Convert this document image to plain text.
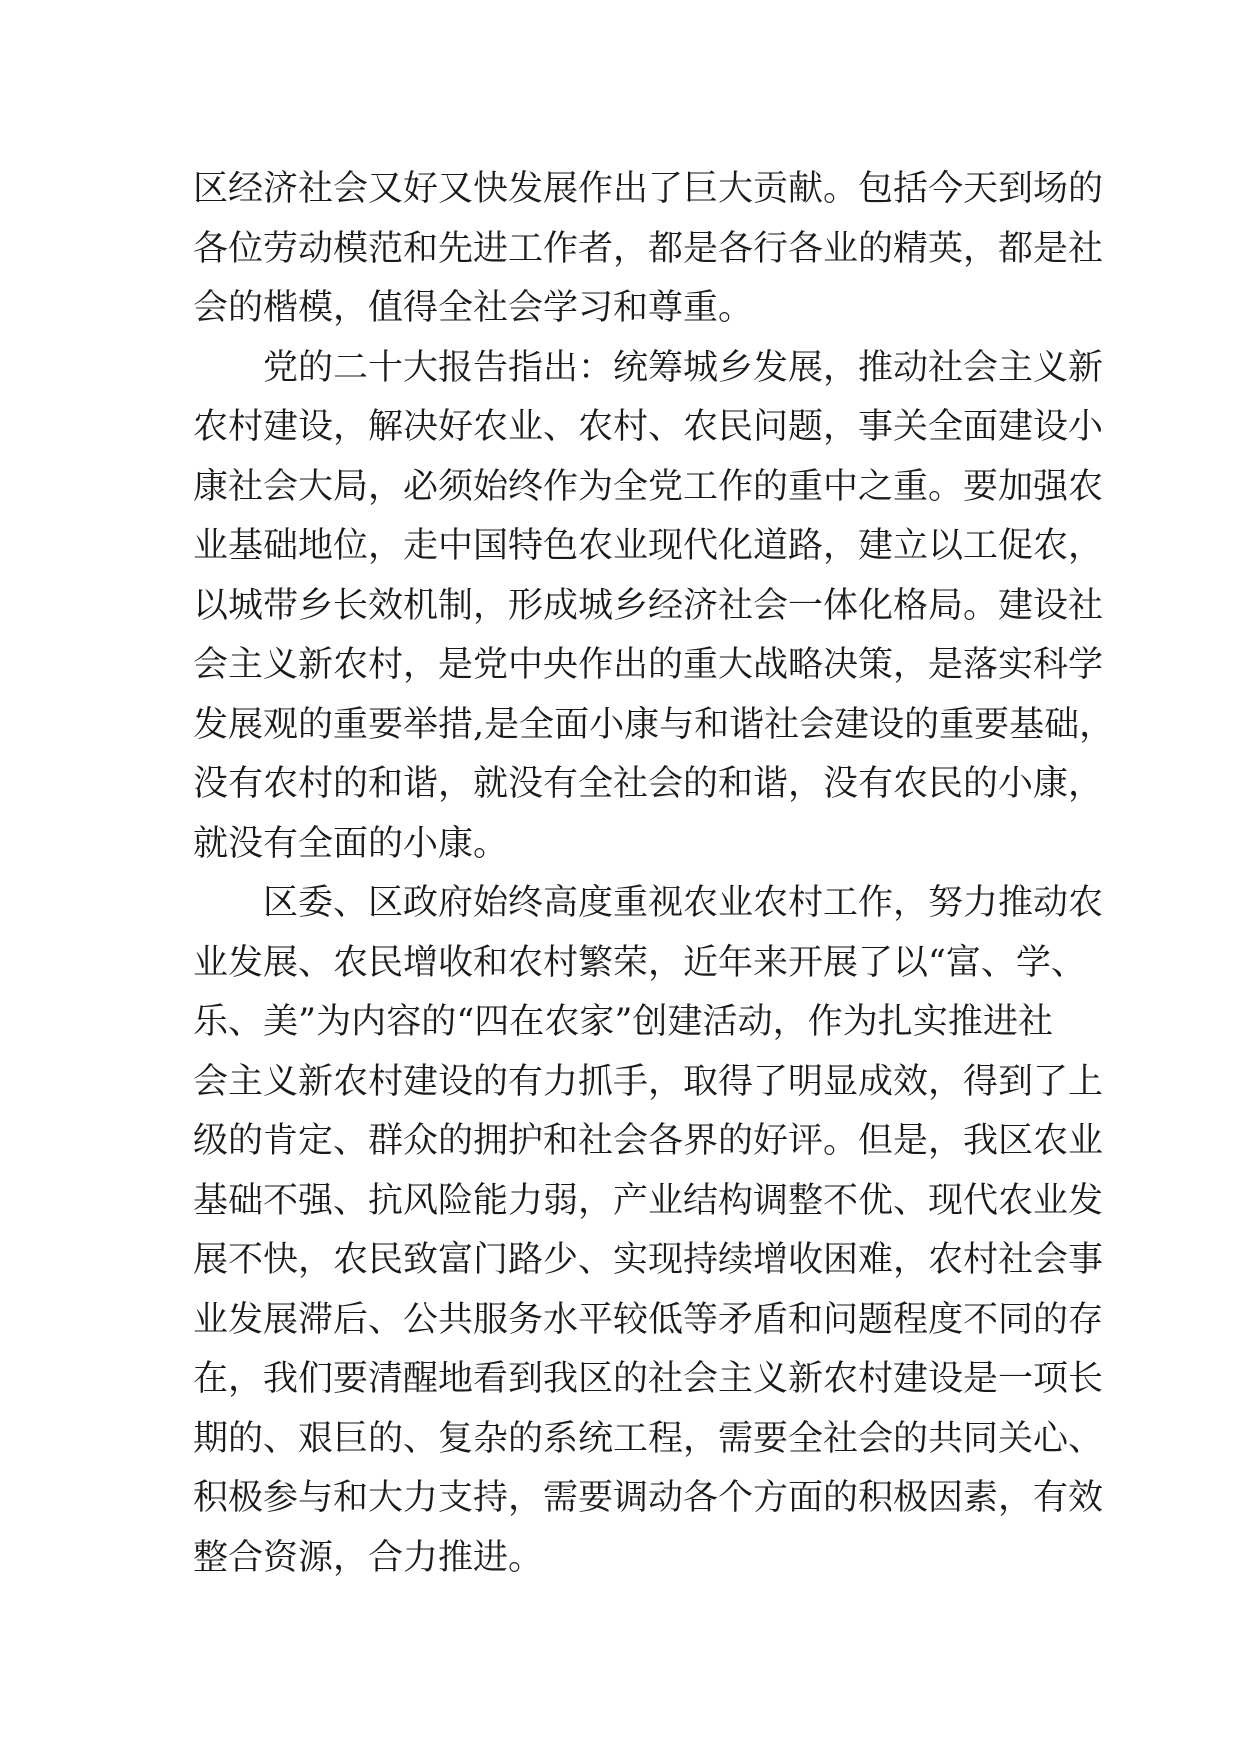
区经济社会又好又快发展作出了巨大贡献。包括今天到场的
各位劳动模范和先进工作者，都是各行各业的精英，都是社
会的楷模，值得全社会学习和尊重。
党的二十大报告指出：统筹城乡发展，推动社会主义新
农村建设，解决好农业、农村、农民问题，事关全面建设小
康社会大局，必须始终作为全党工作的重中之重。要加强农
业基础地位，走中国特色农业现代化道路，建立以工促农，
以城带乡长效机制，形成城乡经济社会一体化格局。建设社
会主义新农村，是党中央作出的重大战略决策，是落实科学
发展观的重要举措,是全面小康与和谐社会建设的重要基础，
没有农村的和谐，就没有全社会的和谐，没有农民的小康，
就没有全面的小康。
区委、区政府始终高度重视农业农村工作，努力推动农
业发展、农民增收和农村繁荣，近年来开展了以“富、学、
乐、美”为内容的“四在农家”创建活动，作为扎实推进社
会主义新农村建设的有力抓手，取得了明显成效，得到了上
级的肯定、群众的拥护和社会各界的好评。但是，我区农业
基础不强、抗风险能力弱，产业结构调整不优、现代农业发
展不快，农民致富门路少、实现持续增收困难，农村社会事
业发展滞后、公共服务水平较低等矛盾和问题程度不同的存
在，我们要清醒地看到我区的社会主义新农村建设是一项长
期的、艰巨的、复杂的系统工程，需要全社会的共同关心、
积极参与和大力支持，需要调动各个方面的积极因素，有效
整合资源，合力推进。
